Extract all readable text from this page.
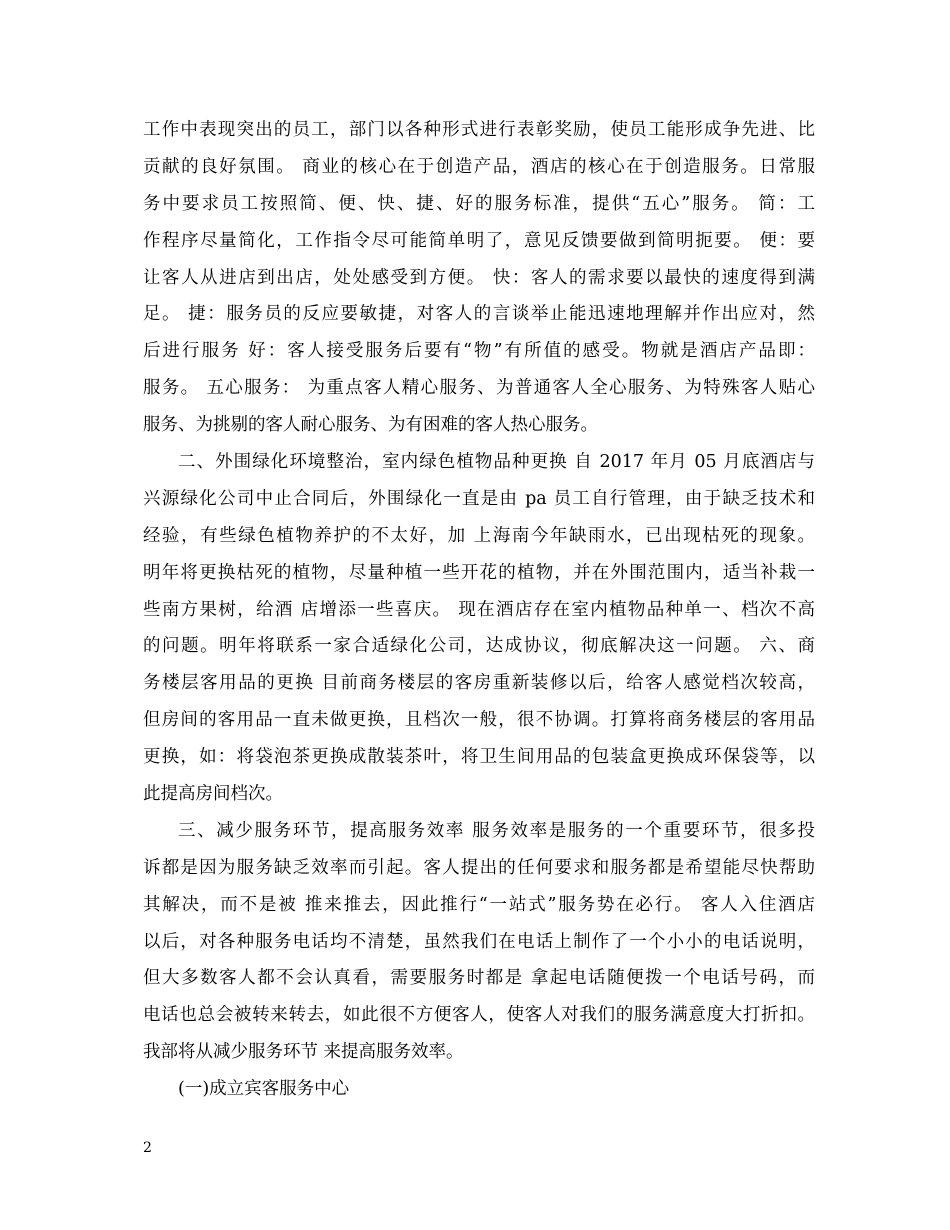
工作中表现突出的员工，部门以各种形式进行表彰奖励，使员工能形成争先进、比
贡献的良好氛围。 商业的核心在于创造产品，酒店的核心在于创造服务。日常服
务中要求员工按照简、便、快、捷、好的服务标准，提供“五心”服务。 简：工
作程序尽量简化，工作指令尽可能简单明了，意见反馈要做到简明扼要。 便：要
让客人从进店到出店，处处感受到方便。 快：客人的需求要以最快的速度得到满
足。 捷：服务员的反应要敏捷，对客人的言谈举止能迅速地理解并作出应对，然
后进行服务 好：客人接受服务后要有“物”有所值的感受。物就是酒店产品即：
服务。 五心服务： 为重点客人精心服务、为普通客人全心服务、为特殊客人贴心
服务、为挑剔的客人耐心服务、为有困难的客人热心服务。
二、外围绿化环境整治，室内绿色植物品种更换 自 2017 年月 05 月底酒店与
兴源绿化公司中止合同后，外围绿化一直是由 pa 员工自行管理，由于缺乏技术和
经验，有些绿色植物养护的不太好，加 上海南今年缺雨水，已出现枯死的现象。
明年将更换枯死的植物，尽量种植一些开花的植物，并在外围范围内，适当补栽一
些南方果树，给酒 店增添一些喜庆。 现在酒店存在室内植物品种单一、档次不高
的问题。明年将联系一家合适绿化公司，达成协议，彻底解决这一问题。 六、商
务楼层客用品的更换 目前商务楼层的客房重新装修以后，给客人感觉档次较高，
但房间的客用品一直未做更换，且档次一般，很不协调。打算将商务楼层的客用品
更换，如：将袋泡茶更换成散装茶叶，将卫生间用品的包装盒更换成环保袋等，以
此提高房间档次。
三、减少服务环节，提高服务效率 服务效率是服务的一个重要环节，很多投
诉都是因为服务缺乏效率而引起。客人提出的任何要求和服务都是希望能尽快帮助
其解决，而不是被 推来推去，因此推行“一站式”服务势在必行。 客人入住酒店
以后，对各种服务电话均不清楚，虽然我们在电话上制作了一个小小的电话说明，
但大多数客人都不会认真看，需要服务时都是 拿起电话随便拨一个电话号码，而
电话也总会被转来转去，如此很不方便客人，使客人对我们的服务满意度大打折扣。
我部将从减少服务环节 来提高服务效率。
(一)成立宾客服务中心
2
